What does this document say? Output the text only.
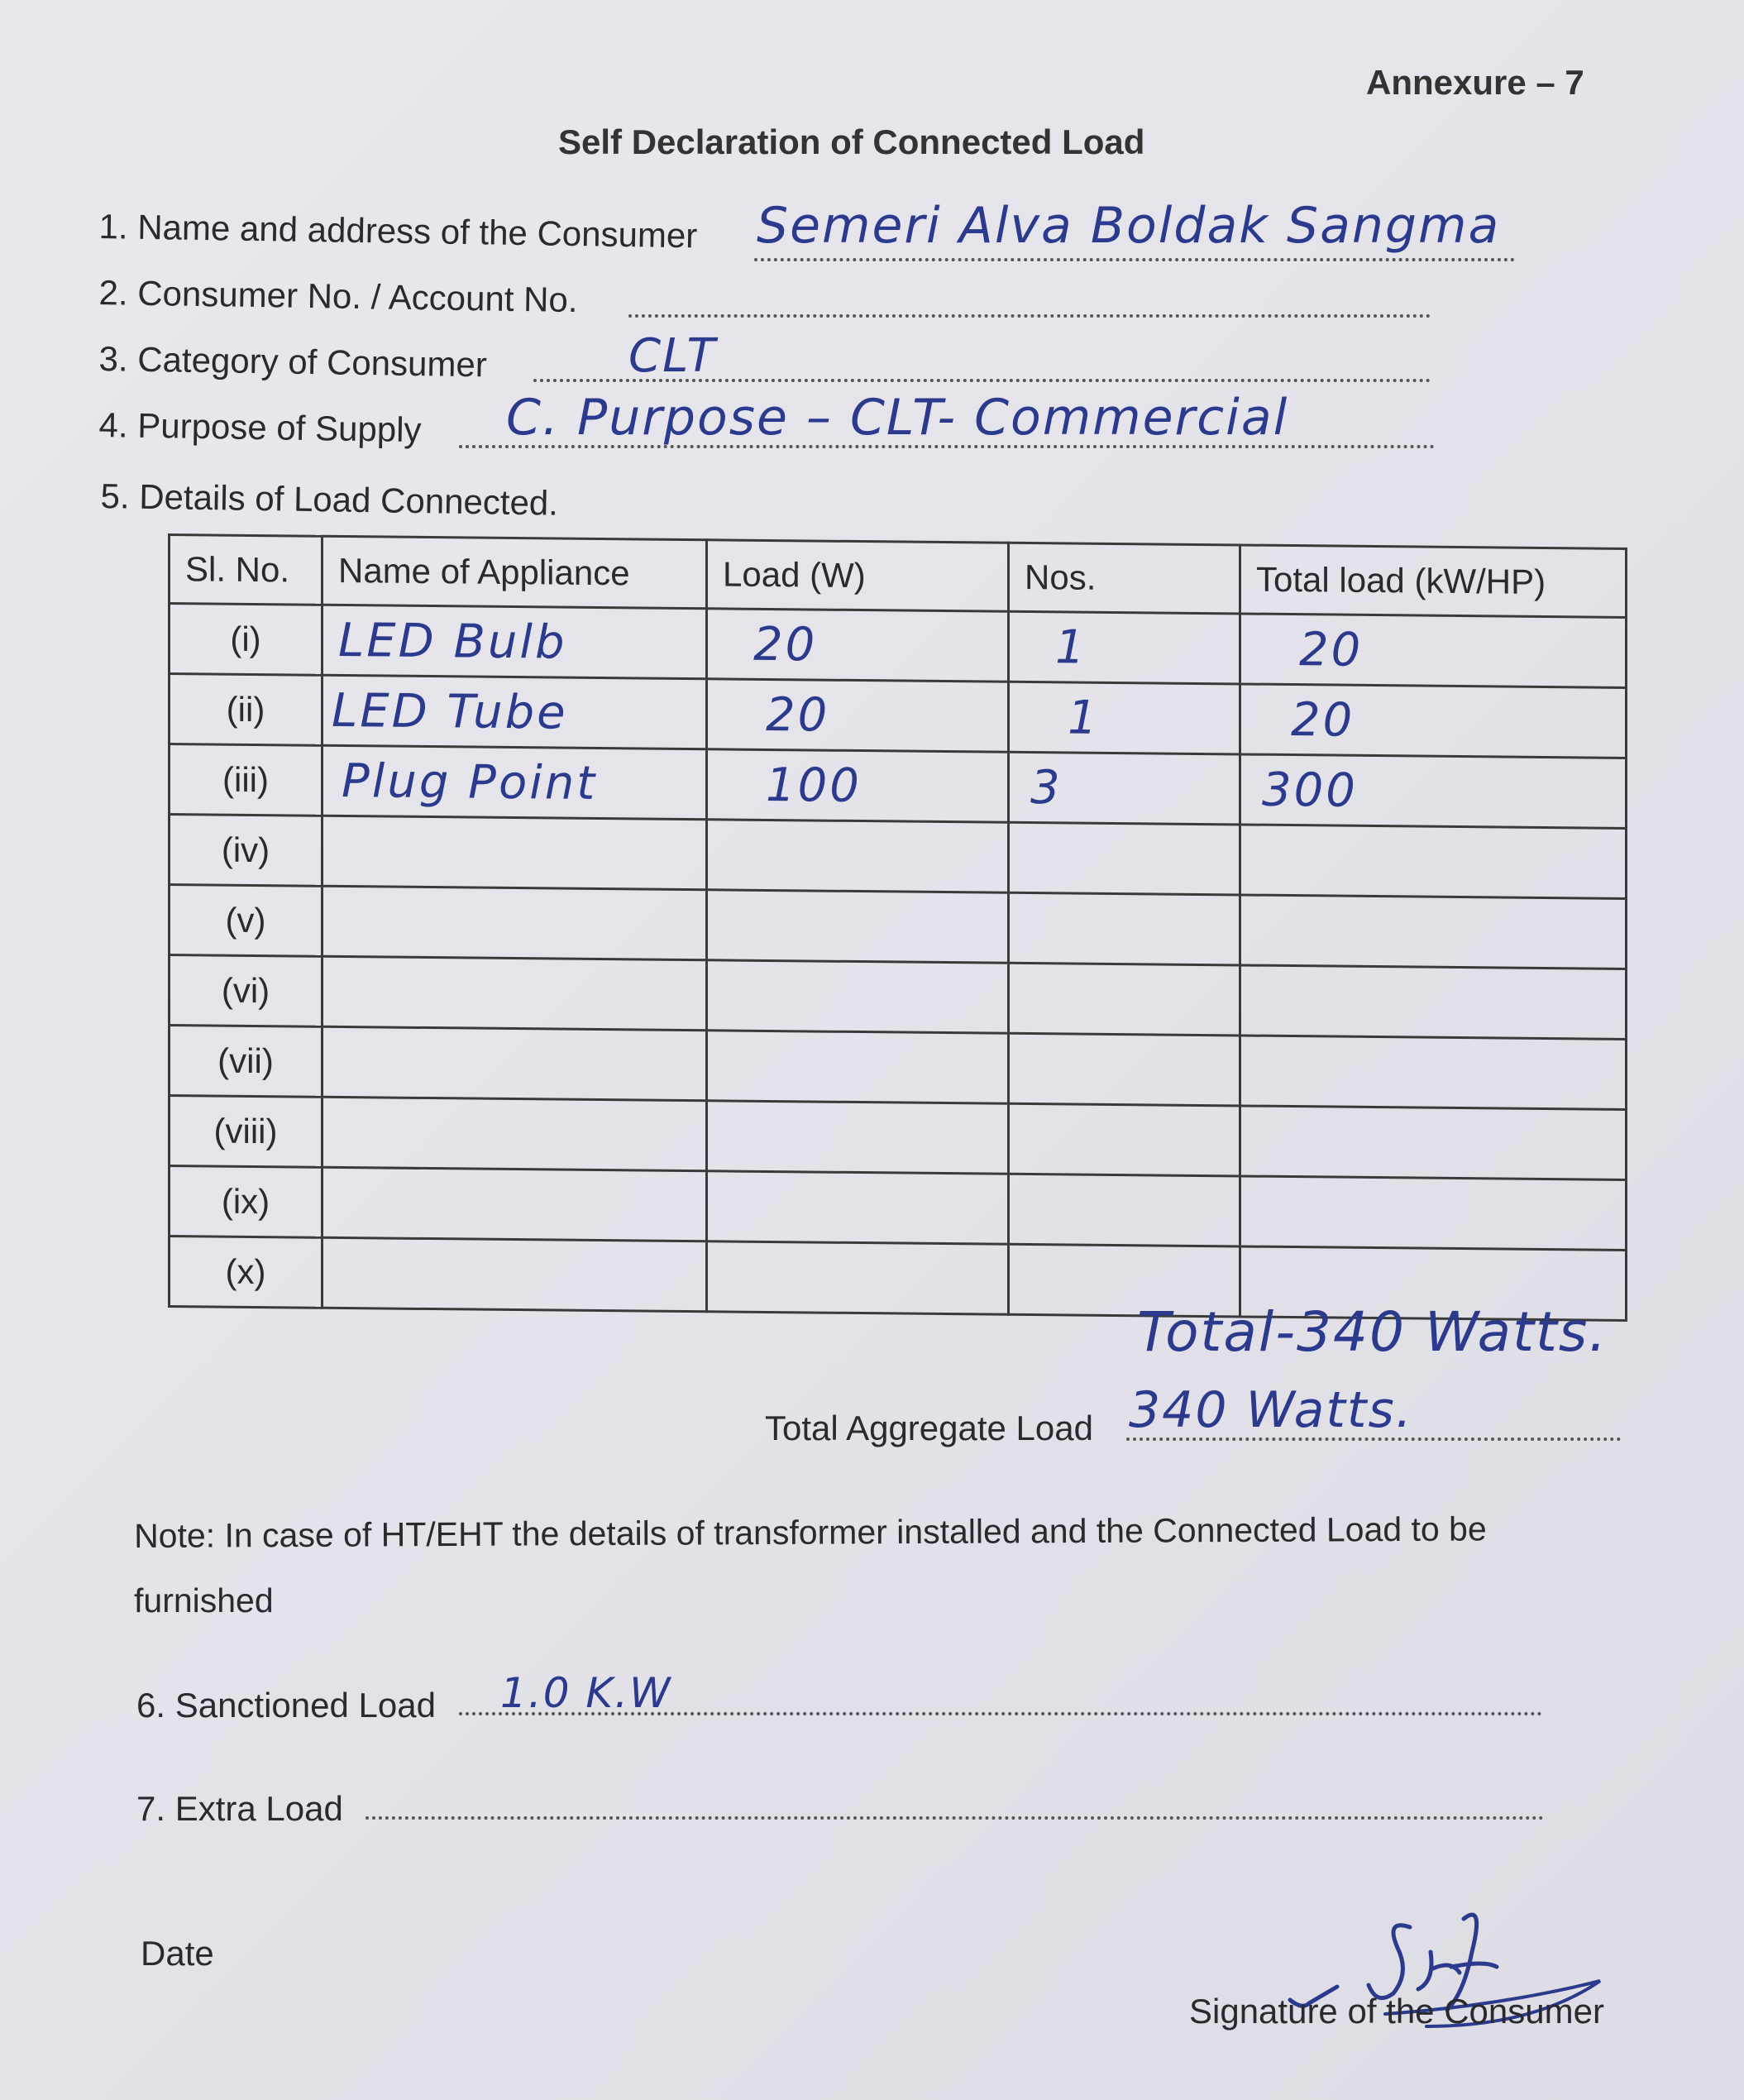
Annexure – 7
Self Declaration of Connected Load
1. Name and address of the Consumer Semeri Alva Boldak Sangma
2. Consumer No. / Account No.
3. Category of Consumer	CLT
4. Purpose of Supply C. Purpose – CLT- Commercial
5. Details of Load Connected.
Sl. No.	Name of Appliance	Load (W)	Nos.	Total load (kW/HP)
(i)	LED Bulb	20	1	20
(ii)	LED Tube	20	1	20
(iii)	Plug Point	100	3	300
(iv)				
(v)				
(vi)				
(vii)				
(viii)				
(ix)				
(x)				
Total-340 Watts.
Total Aggregate Load 340 Watts.
Note: In case of HT/EHT the details of transformer installed and the Connected Load to be
furnished
6. Sanctioned Load 1.0 K.W
7. Extra Load
Date
Signature of the Consumer
